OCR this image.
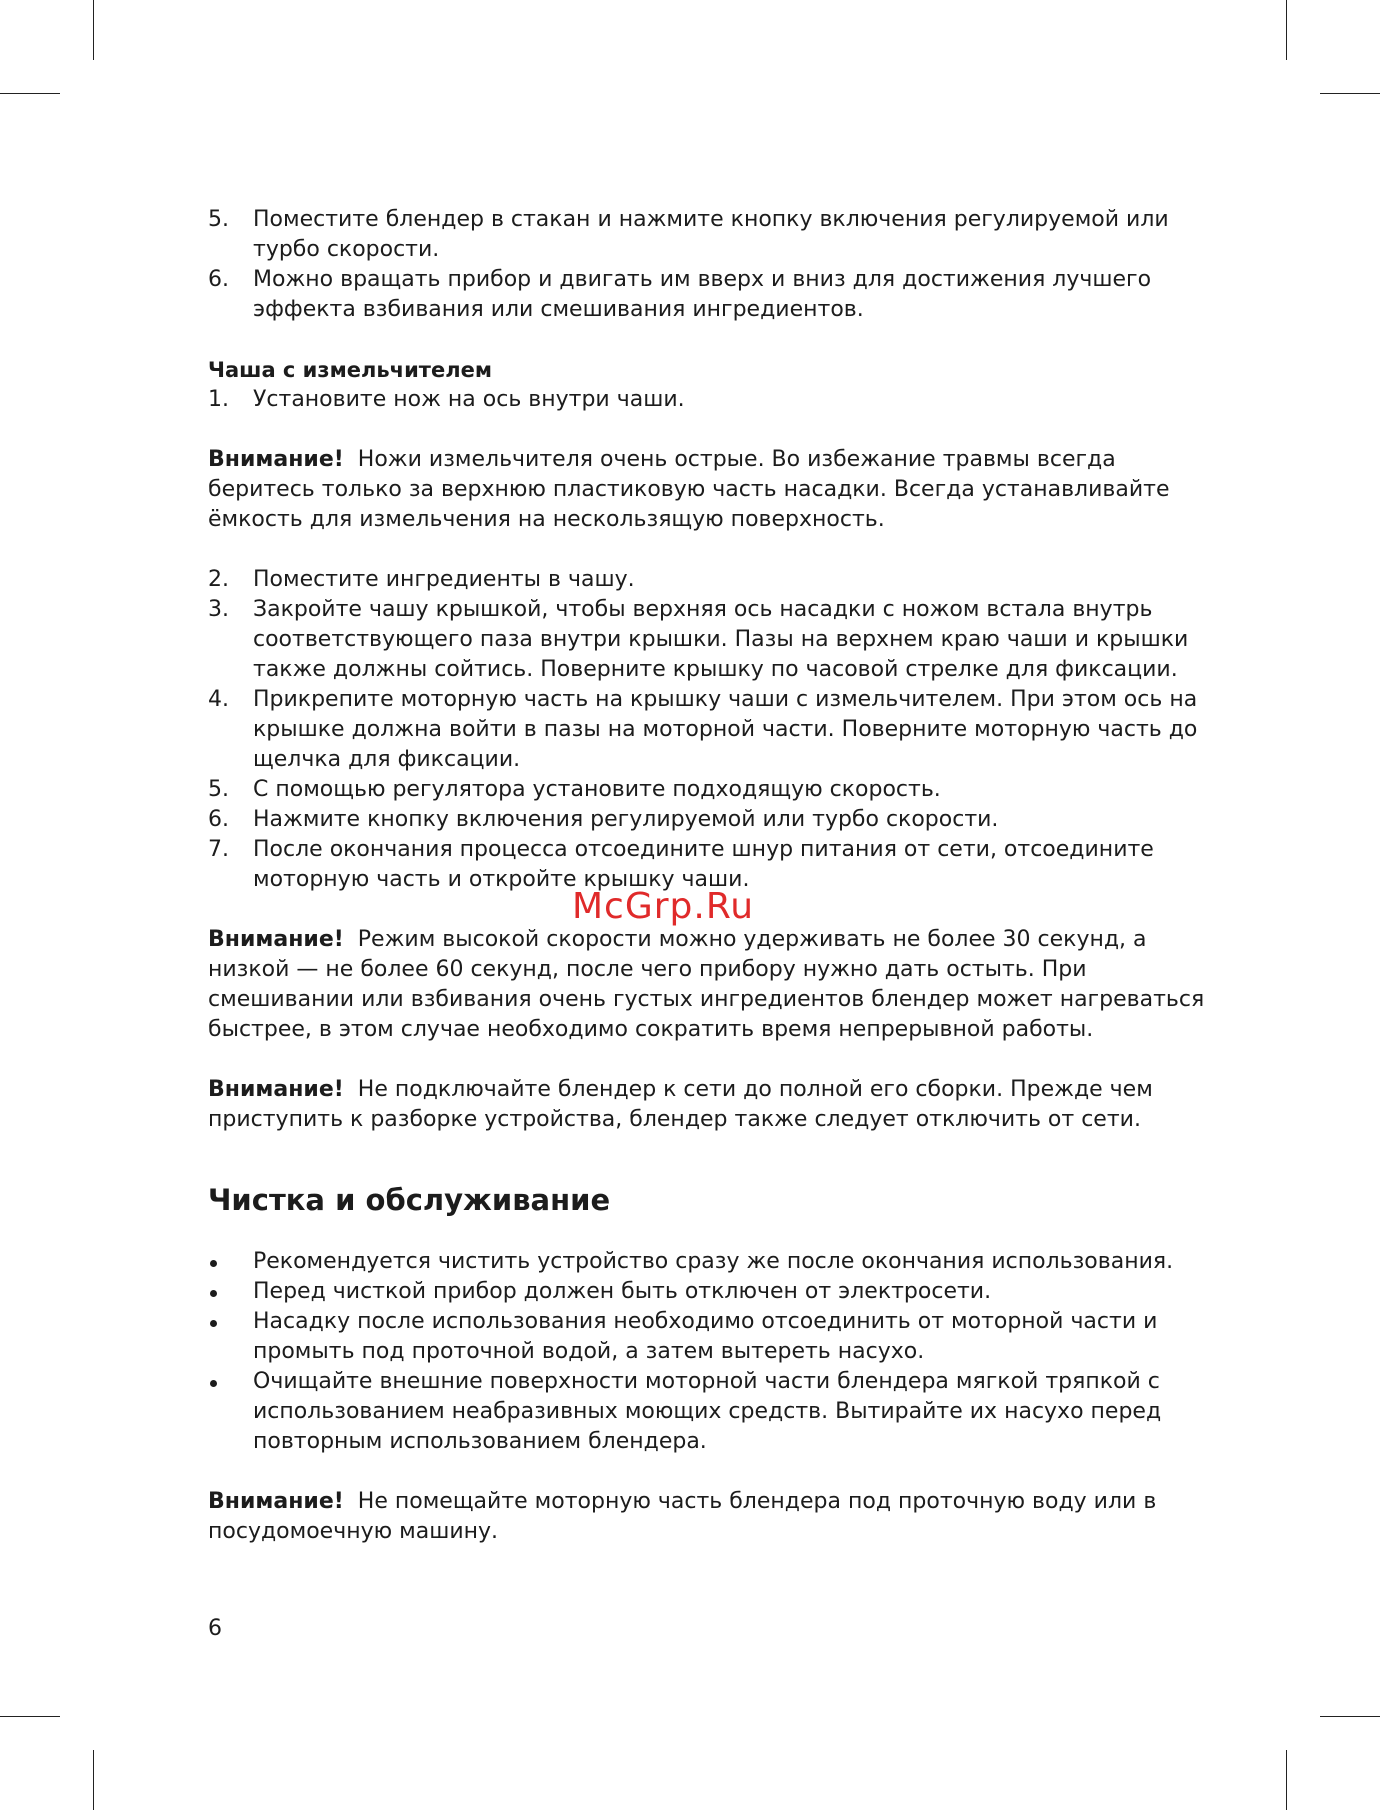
5. Поместите блендер в стакан и нажмите кнопку включения регулируемой или турбо скорости.
6. Можно вращать прибор и двигать им вверх и вниз для достижения лучшего эффекта взбивания или смешивания ингредиентов.

Чаша с измельчителем

1. Установите нож на ось внутри чаши.

Внимание! Ножи измельчителя очень острые. Во избежание травмы всегда беритесь только за верхнюю пластиковую часть насадки. Всегда устанавливайте ёмкость для измельчения на нескользящую поверхность.

2. Поместите ингредиенты в чашу.
3. Закройте чашу крышкой, чтобы верхняя ось насадки с ножом встала внутрь соответствующего паза внутри крышки. Пазы на верхнем краю чаши и крышки также должны сойтись. Поверните крышку по часовой стрелке для фиксации.
4. Прикрепите моторную часть на крышку чаши с измельчителем. При этом ось на крышке должна войти в пазы на моторной части. Поверните моторную часть до щелчка для фиксации.
5. С помощью регулятора установите подходящую скорость.
6. Нажмите кнопку включения регулируемой или турбо скорости.
7. После окончания процесса отсоедините шнур питания от сети, отсоедините моторную часть и откройте крышку чаши.

Внимание! Режим высокой скорости можно удерживать не более 30 секунд, а низкой — не более 60 секунд, после чего прибору нужно дать остыть. При смешивании или взбивания очень густых ингредиентов блендер может нагреваться быстрее, в этом случае необходимо сократить время непрерывной работы.

Внимание! Не подключайте блендер к сети до полной его сборки. Прежде чем приступить к разборке устройства, блендер также следует отключить от сети.

Чистка и обслуживание
Рекомендуется чистить устройство сразу же после окончания использования.
Перед чисткой прибор должен быть отключен от электросети.
Насадку после использования необходимо отсоединить от моторной части и промыть под проточной водой, а затем вытереть насухо.
Очищайте внешние поверхности моторной части блендера мягкой тряпкой с использованием неабразивных моющих средств. Вытирайте их насухо перед повторным использованием блендера.

Внимание! Не помещайте моторную часть блендера под проточную воду или в посудомоечную машину.

McGrp.Ru
6
